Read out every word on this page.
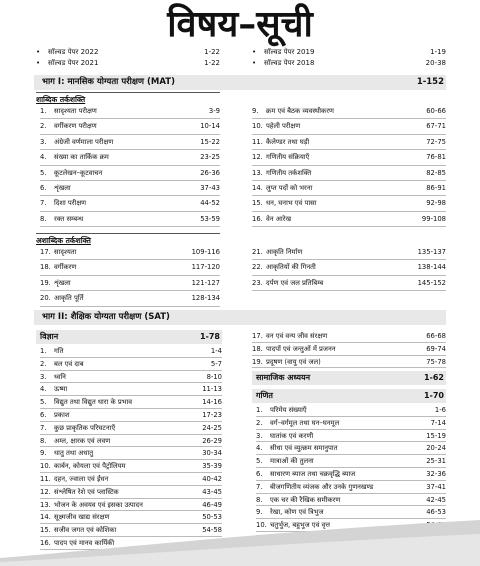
विषय–सूची
•	सॉल्वड पेपर 2022	1-22
•	सॉल्वड पेपर 2021	1-22
•	सॉल्वड पेपर 2019	1-19
•	सॉल्वड पेपर 2018	20-38
भाग I: मानसिक योग्यता परीक्षण (MAT)	1-152
शाब्दिक तर्कशक्ति
1.	सादृश्यता परीक्षण	3-9
2.	वर्गीकरण परीक्षण	10-14
3.	अंग्रेजी वर्णमाला परीक्षण	15-22
4.	संख्या का तार्किक क्रम	23-25
5.	कूटलेखन–कूटवाचन	26-36
6.	शृंखला	37-43
7.	दिशा परीक्षण	44-52
8.	रक्त सम्बन्ध	53-59
9.	क्रम एवं बैठक व्यवस्थीकरण	60-66
10. पहेली परीक्षण	67-71
11. कैलेण्डर तथा घड़ी	72-75
12. गणितीय संक्रियाएँ	76-81
13. गणितीय तर्कशक्ति	82-85
14. लुप्त पदों को भरना	86-91
15. धन, घनाभ एवं पासा	92-98
16. वेन आरेख	99-108
अशाब्दिक तर्कशक्ति
17. सादृश्यता	109-116
18. वर्गीकरण	117-120
19. शृंखला	121-127
20. आकृति पूर्ति	128-134
21. आकृति निर्माण	135-137
22. आकृतियों की गिनती	138-144
23. दर्पण एवं जल प्रतिबिम्ब	145-152
भाग II: शैक्षिक योग्यता परीक्षण (SAT)
विज्ञान	1-78
1.	गति	1-4
2.	बल एवं दाब	5-7
3.	ध्वनि	8-10
4.	ऊष्मा	11-13
5.	विद्युत तथा विद्युत धारा के प्रभाव	14-16
6.	प्रकाश	17-23
7.	कुछ प्राकृतिक परिघटनाएँ	24-25
8.	अम्ल, क्षारक एवं लवण	26-29
9.	धातु तथा अधातु	30-34
10. कार्बन, कोयला एवं पैट्रोलियम	35-39
11. दहन, ज्वाला एवं ईंधन	40-42
12. संश्लेषित रेशे एवं प्लास्टिक	43-45
13. भोजन के अवयव एवं इसका उत्पादन	46-49
14. सूक्ष्मजीव खाद्य संरक्षण	50-53
15. सजीव जगत एवं कोशिका	54-58
16. पादप एवं मानव कार्यिकी
17. वन एवं वन्य जीव संरक्षण	66-68
18. पादपों एवं जन्तुओं में प्रजनन	69-74
19. प्रदूषण (वायु एवं जल)	75-78
सामाजिक अध्ययन	1-62
गणित	1-70
1.	परिमेय संख्याएँ	1-6
2.	वर्ग–वर्गमूल तथा घन–घनमूल	7-14
3.	घातांक एवं करणी	15-19
4.	सीधा एवं व्युत्क्रम समानुपात	20-24
5.	मात्राओं की तुलना	25-31
6.	साधारण ब्याज तथा चक्रवृद्धि ब्याज	32-36
7.	बीजगणितीय व्यंजक और उनके गुणनखण्ड	37-41
8.	एक चर की रैखिक समीकरण	42-45
9.	रेखा, कोण एवं त्रिभुज	46-53
10. चतुर्भुज, बहुभुज एवं वृत्त
